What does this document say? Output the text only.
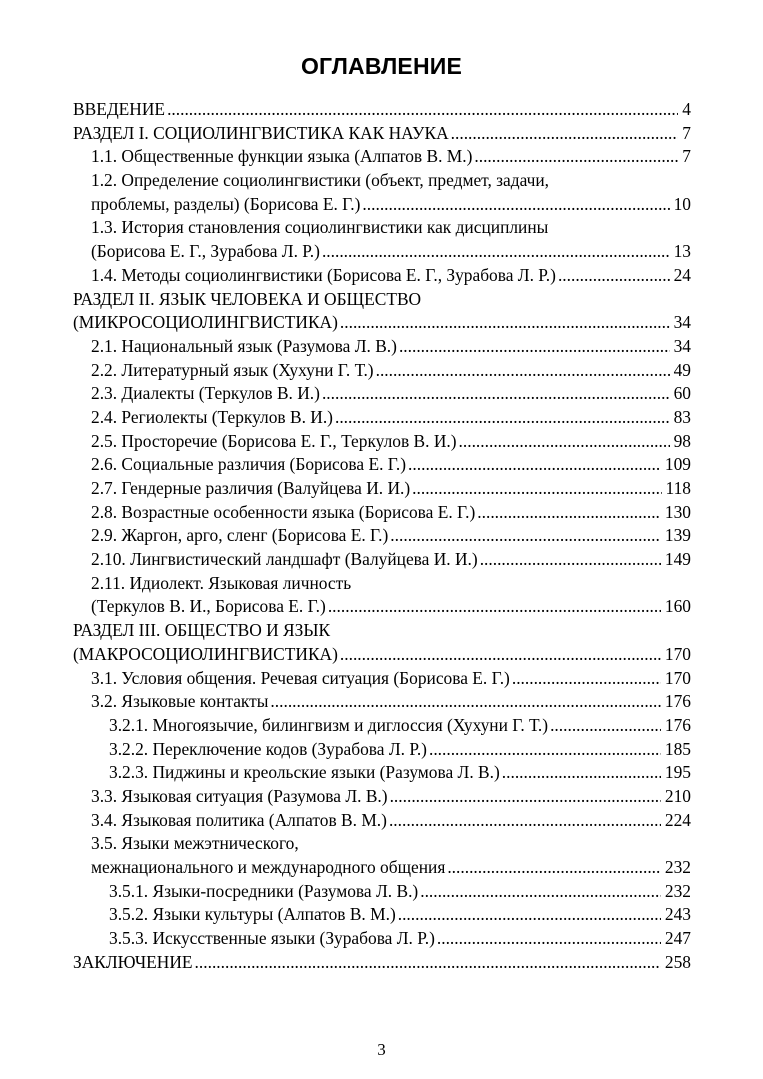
ОГЛАВЛЕНИЕ
ВВЕДЕНИЕ .....	4
РАЗДЕЛ I. СОЦИОЛИНГВИСТИКА КАК НАУКА .....	7
1.1. Общественные функции языка (Алпатов В. М.) .....	7
1.2. Определение социолингвистики (объект, предмет, задачи,
проблемы, разделы) (Борисова Е. Г.) .....	10
1.3. История становления социолингвистики как дисциплины
(Борисова Е. Г., Зурабова Л. Р.) .....	13
1.4. Методы социолингвистики (Борисова Е. Г., Зурабова Л. Р.) .....	24
РАЗДЕЛ II. ЯЗЫК ЧЕЛОВЕКА И ОБЩЕСТВО
(МИКРОСОЦИОЛИНГВИСТИКА) .....	34
2.1. Национальный язык (Разумова Л. В.) .....	34
2.2. Литературный язык (Хухуни Г. Т.) .....	49
2.3. Диалекты (Теркулов В. И.) .....	60
2.4. Региолекты (Теркулов В. И.) .....	83
2.5. Просторечие (Борисова Е. Г., Теркулов В. И.) .....	98
2.6. Социальные различия (Борисова Е. Г.) .....	109
2.7. Гендерные различия (Валуйцева И. И.) .....	118
2.8. Возрастные особенности языка (Борисова Е. Г.) .....	130
2.9. Жаргон, арго, сленг (Борисова Е. Г.) .....	139
2.10. Лингвистический ландшафт (Валуйцева И. И.) .....	149
2.11. Идиолект. Языковая личность
(Теркулов В. И., Борисова Е. Г.) .....	160
РАЗДЕЛ III. ОБЩЕСТВО И ЯЗЫК
(МАКРОСОЦИОЛИНГВИСТИКА) .....	170
3.1. Условия общения. Речевая ситуация (Борисова Е. Г.) .....	170
3.2. Языковые контакты .....	176
3.2.1. Многоязычие, билингвизм и диглоссия (Хухуни Г. Т.) .....	176
3.2.2. Переключение кодов (Зурабова Л. Р.) .....	185
3.2.3. Пиджины и креольские языки (Разумова Л. В.) .....	195
3.3. Языковая ситуация (Разумова Л. В.) .....	210
3.4. Языковая политика (Алпатов В. М.) .....	224
3.5. Языки межэтнического,
межнационального и международного общения .....	232
3.5.1. Языки-посредники (Разумова Л. В.) .....	232
3.5.2. Языки культуры (Алпатов В. М.) .....	243
3.5.3. Искусственные языки (Зурабова Л. Р.) .....	247
ЗАКЛЮЧЕНИЕ .....	258
3
